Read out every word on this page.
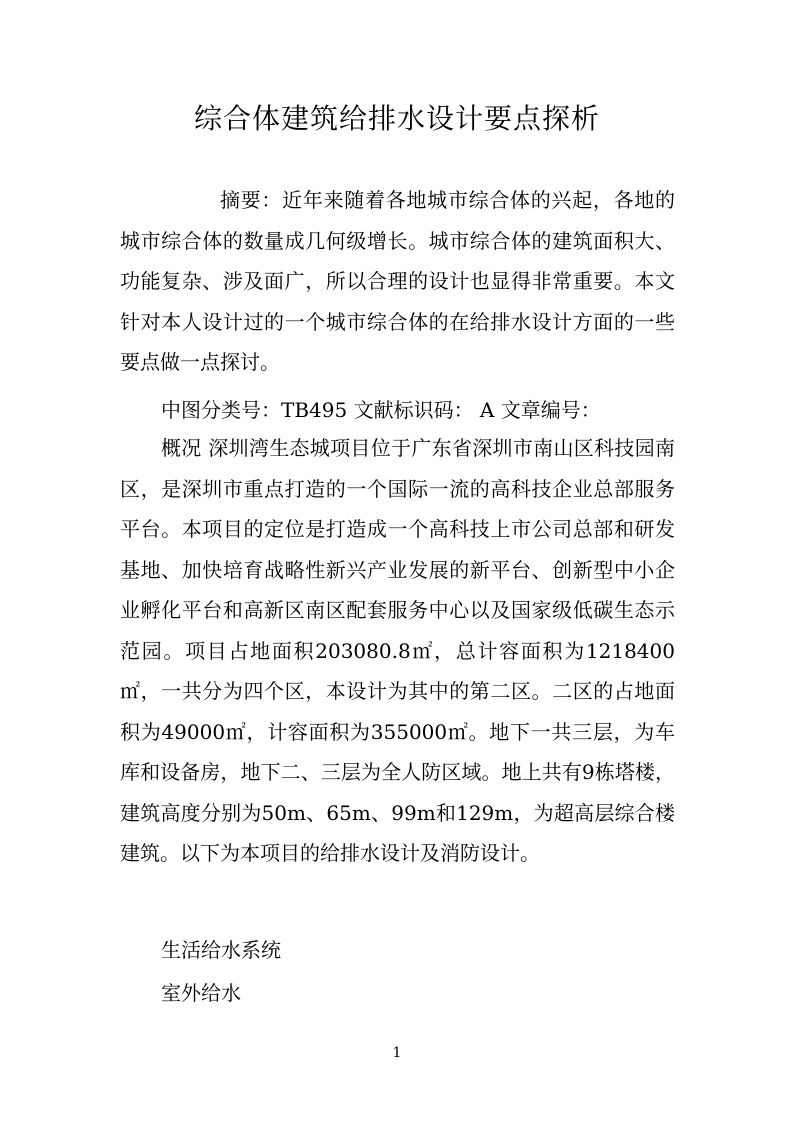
综合体建筑给排水设计要点探析
摘要：近年来随着各地城市综合体的兴起，各地的城市综合体的数量成几何级增长。城市综合体的建筑面积大、功能复杂、涉及面广，所以合理的设计也显得非常重要。本文针对本人设计过的一个城市综合体的在给排水设计方面的一些要点做一点探讨。
中图分类号：TB495 文献标识码： A 文章编号：
概况 深圳湾生态城项目位于广东省深圳市南山区科技园南区，是深圳市重点打造的一个国际一流的高科技企业总部服务平台。本项目的定位是打造成一个高科技上市公司总部和研发基地、加快培育战略性新兴产业发展的新平台、创新型中小企业孵化平台和高新区南区配套服务中心以及国家级低碳生态示范园。项目占地面积203080.8㎡，总计容面积为1218400㎡，一共分为四个区，本设计为其中的第二区。二区的占地面积为49000㎡，计容面积为355000㎡。地下一共三层，为车库和设备房，地下二、三层为全人防区域。地上共有9栋塔楼，建筑高度分别为50m、65m、99m和129m，为超高层综合楼建筑。以下为本项目的给排水设计及消防设计。
生活给水系统
室外给水
1
